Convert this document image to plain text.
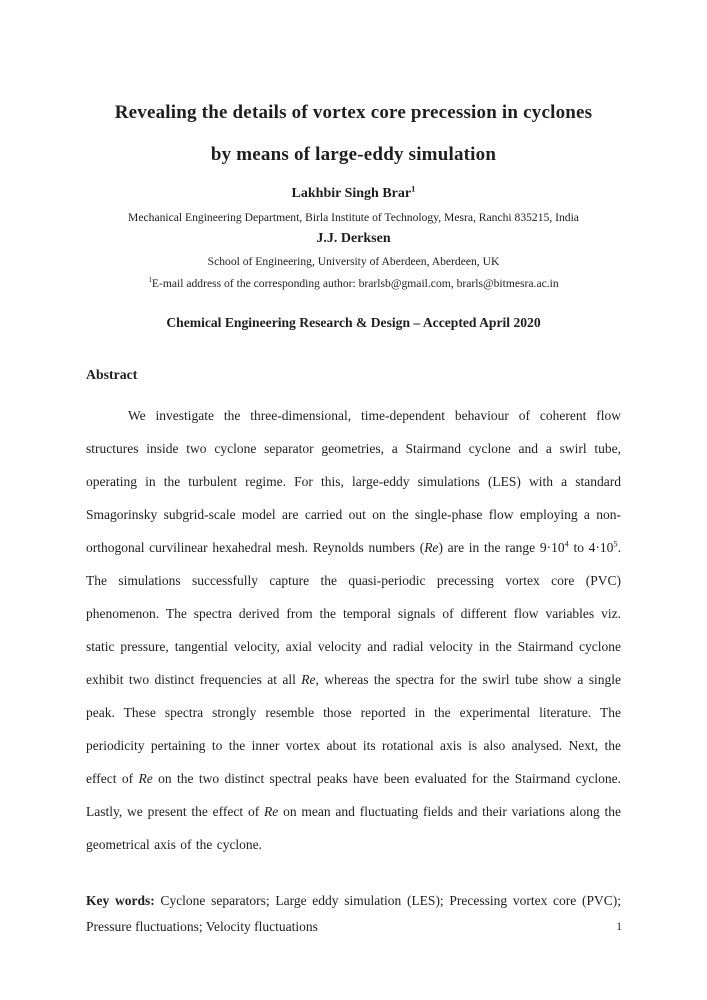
Revealing the details of vortex core precession in cyclones
by means of large-eddy simulation
Lakhbir Singh Brar$^1$
Mechanical Engineering Department, Birla Institute of Technology, Mesra, Ranchi 835215, India
J.J. Derksen
School of Engineering, University of Aberdeen, Aberdeen, UK
$^1$E-mail address of the corresponding author: brarlsb@gmail.com, brarls@bitmesra.ac.in
Chemical Engineering Research & Design – Accepted April 2020
Abstract

We investigate the three-dimensional, time-dependent behaviour of coherent flow structures inside two cyclone separator geometries, a Stairmand cyclone and a swirl tube, operating in the turbulent regime. For this, large-eddy simulations (LES) with a standard Smagorinsky subgrid-scale model are carried out on the single-phase flow employing a non-orthogonal curvilinear hexahedral mesh. Reynolds numbers (Re) are in the range $9\cdot 10^4$ to $4\cdot 10^5$. The simulations successfully capture the quasi-periodic precessing vortex core (PVC) phenomenon. The spectra derived from the temporal signals of different flow variables viz. static pressure, tangential velocity, axial velocity and radial velocity in the Stairmand cyclone exhibit two distinct frequencies at all Re, whereas the spectra for the swirl tube show a single peak. These spectra strongly resemble those reported in the experimental literature. The periodicity pertaining to the inner vortex about its rotational axis is also analysed. Next, the effect of Re on the two distinct spectral peaks have been evaluated for the Stairmand cyclone. Lastly, we present the effect of Re on mean and fluctuating fields and their variations along the geometrical axis of the cyclone.

Key words: Cyclone separators; Large eddy simulation (LES); Precessing vortex core (PVC); Pressure fluctuations; Velocity fluctuations	1
